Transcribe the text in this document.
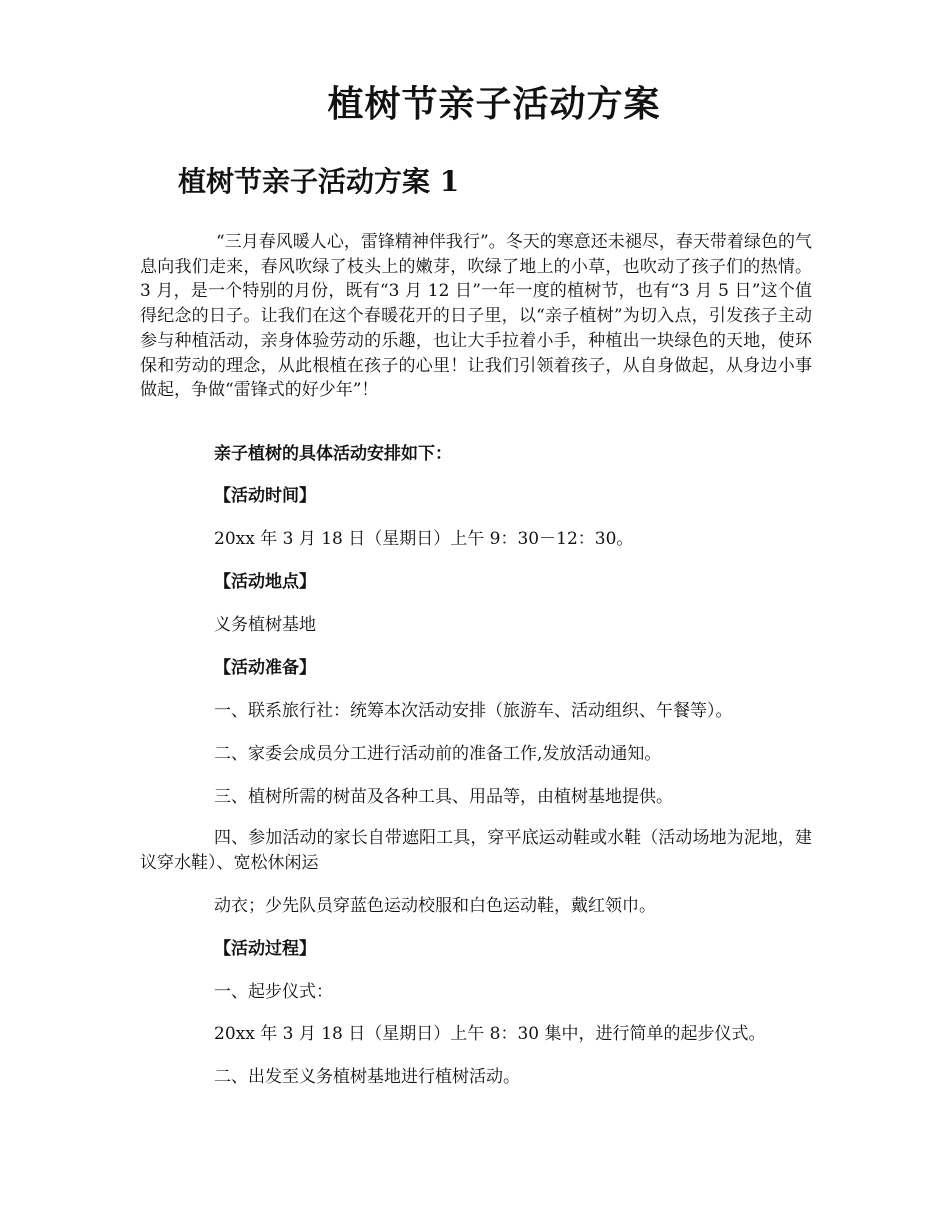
植树节亲子活动方案
植树节亲子活动方案 1

“三月春风暖人心，雷锋精神伴我行”。冬天的寒意还未褪尽，春天带着绿色的气息向我们走来，春风吹绿了枝头上的嫩芽，吹绿了地上的小草，也吹动了孩子们的热情。3 月，是一个特别的月份，既有“3 月 12 日”一年一度的植树节，也有“3 月 5 日”这个值得纪念的日子。让我们在这个春暖花开的日子里，以“亲子植树”为切入点，引发孩子主动参与种植活动，亲身体验劳动的乐趣，也让大手拉着小手，种植出一块绿色的天地，使环保和劳动的理念，从此根植在孩子的心里！让我们引领着孩子，从自身做起，从身边小事做起，争做“雷锋式的好少年”！

亲子植树的具体活动安排如下：

【活动时间】

20xx 年 3 月 18 日（星期日）上午 9：30－12：30。

【活动地点】

义务植树基地

【活动准备】

一、联系旅行社：统筹本次活动安排（旅游车、活动组织、午餐等）。

二、家委会成员分工进行活动前的准备工作,发放活动通知。

三、植树所需的树苗及各种工具、用品等，由植树基地提供。

四、参加活动的家长自带遮阳工具，穿平底运动鞋或水鞋（活动场地为泥地，建议穿水鞋）、宽松休闲运

动衣；少先队员穿蓝色运动校服和白色运动鞋，戴红领巾。

【活动过程】

一、起步仪式：

20xx 年 3 月 18 日（星期日）上午 8：30 集中，进行简单的起步仪式。

二、出发至义务植树基地进行植树活动。
